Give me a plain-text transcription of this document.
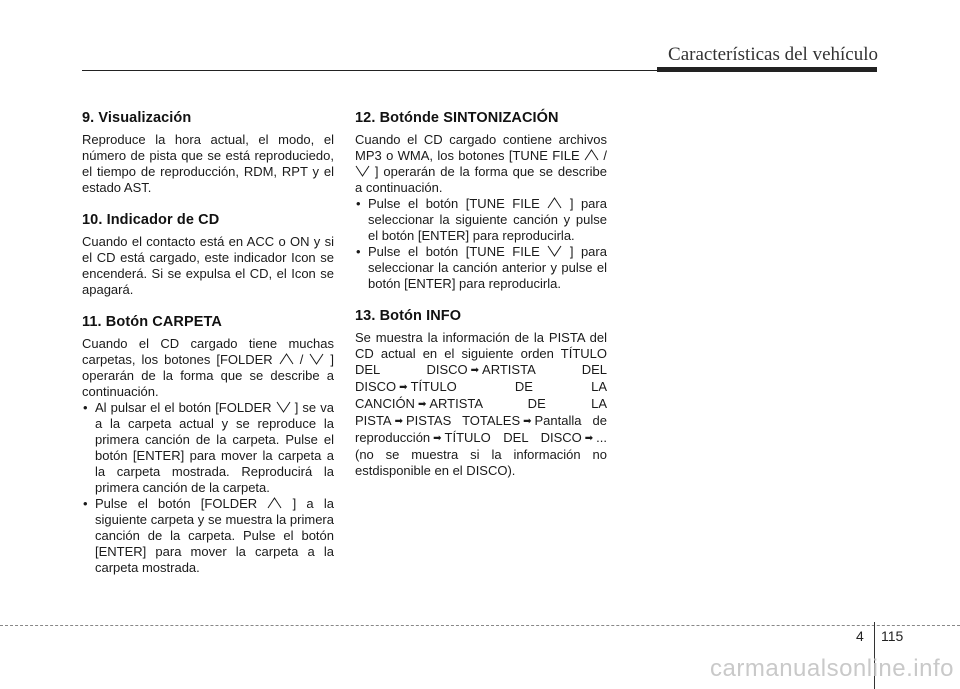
Características del vehículo
9. Visualización

Reproduce la hora actual, el modo, el número de pista que se está reproduciedo, el tiempo de reproducción, RDM, RPT y el estado AST.

10. Indicador de CD

Cuando el contacto está en ACC o ON y si el CD está cargado, este indicador Icon se encenderá. Si se expulsa el CD, el Icon se apagará.

11. Botón CARPETA

Cuando el CD cargado tiene muchas carpetas, los botones [FOLDER / ] operarán de la forma que se describe a continuación.

• Al pulsar el el botón [FOLDER ] se va a la carpeta actual y se reproduce la primera canción de la carpeta. Pulse el botón [ENTER] para mover la carpeta a la carpeta mostrada. Reproducirá la primera canción de la carpeta.
• Pulse el botón [FOLDER	] a la siguiente carpeta y se muestra la primera canción de la carpeta. Pulse el botón [ENTER] para mover la carpeta a la carpeta mostrada.
12. Botónde SINTONIZACIÓN

Cuando el CD cargado contiene archivos MP3 o WMA, los botones [TUNE FILE /  ] operarán de la forma que se describe a continuación.

• Pulse el botón [TUNE FILE ] para seleccionar la siguiente canción y pulse el botón [ENTER] para reproducirla.
• Pulse el botón [TUNE FILE ] para seleccionar la canción anterior y pulse el botón [ENTER] para reproducirla.
13. Botón INFO

Se muestra la información de la PISTA del CD actual en el siguiente orden TÍTULO DEL DISCO ➡ ARTISTA DEL DISCO ➡ TÍTULO DE LA CANCIÓN ➡ ARTISTA DE LA PISTA ➡ PISTAS TOTALES ➡ Pantalla de reproducción ➡ TÍTULO DEL DISCO ➡ ... (no se muestra si la información no estdisponible en el DISCO).

4 115
carmanualsonline.info
